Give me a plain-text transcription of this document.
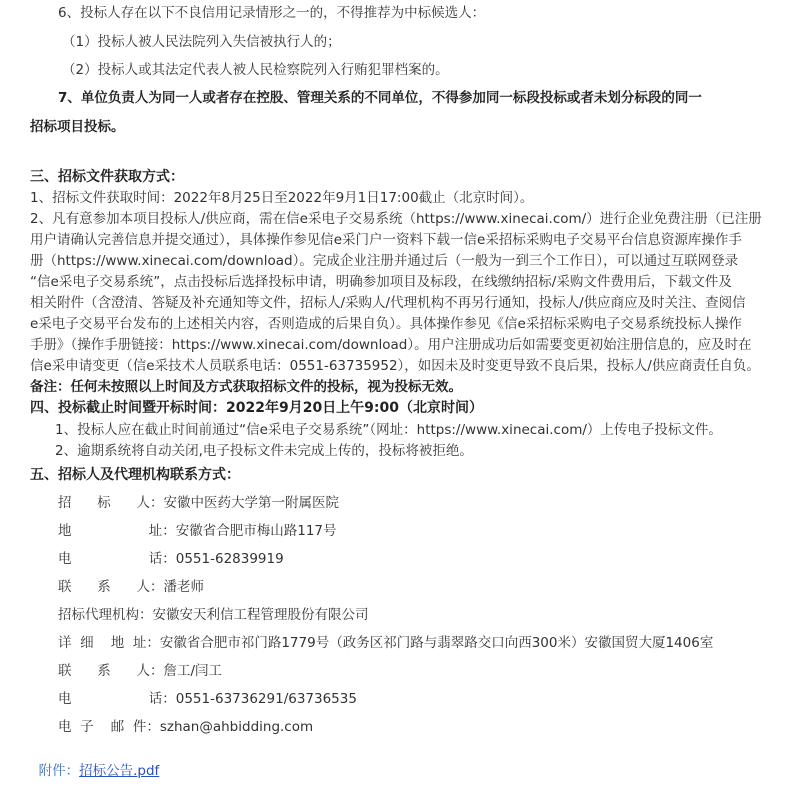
6、投标人存在以下不良信用记录情形之一的，不得推荐为中标候选人：
（1）投标人被人民法院列入失信被执行人的；
（2）投标人或其法定代表人被人民检察院列入行贿犯罪档案的。
7、单位负责人为同一人或者存在控股、管理关系的不同单位，不得参加同一标段投标或者未划分标段的同一
招标项目投标。
三、招标文件获取方式：
1、招标文件获取时间：2022年8月25日至2022年9月1日17:00截止（北京时间）。
2、凡有意参加本项目投标人/供应商，需在信e采电子交易系统（https://www.xinecai.com/）进行企业免费注册（已注册
用户请确认完善信息并提交通过），具体操作参见信e采门户一资料下载一信e采招标采购电子交易平台信息资源库操作手
册（https://www.xinecai.com/download）。完成企业注册并通过后（一般为一到三个工作日），可以通过互联网登录
“信e采电子交易系统”，点击投标后选择投标申请，明确参加项目及标段，在线缴纳招标/采购文件费用后，下载文件及
相关附件（含澄清、答疑及补充通知等文件，招标人/采购人/代理机构不再另行通知，投标人/供应商应及时关注、查阅信
e采电子交易平台发布的上述相关内容，否则造成的后果自负）。具体操作参见《信e采招标采购电子交易系统投标人操作
手册》（操作手册链接：https://www.xinecai.com/download）。用户注册成功后如需要变更初始注册信息的，应及时在
信e采申请变更（信e采技术人员联系电话：0551-63735952），如因未及时变更导致不良后果，投标人/供应商责任自负。
备注：任何未按照以上时间及方式获取招标文件的投标，视为投标无效。
四、投标截止时间暨开标时间：2022年9月20日上午9:00（北京时间）
1、投标人应在截止时间前通过“信e采电子交易系统”（网址：https://www.xinecai.com/）上传电子投标文件。
2、逾期系统将自动关闭,电子投标文件未完成上传的，投标将被拒绝。
五、招标人及代理机构联系方式：
招      标      人：安徽中医药大学第一附属医院
地                  址：安徽省合肥市梅山路117号
电                  话：0551-62839919
联      系      人：潘老师
招标代理机构：安徽安天利信工程管理股份有限公司
详  细    地  址：安徽省合肥市祁门路1779号（政务区祁门路与翡翠路交口向西300米）安徽国贸大厦1406室
联      系      人：詹工/闫工
电                  话：0551-63736291/63736535
电  子    邮  件：szhan@ahbidding.com

附件：招标公告.pdf
